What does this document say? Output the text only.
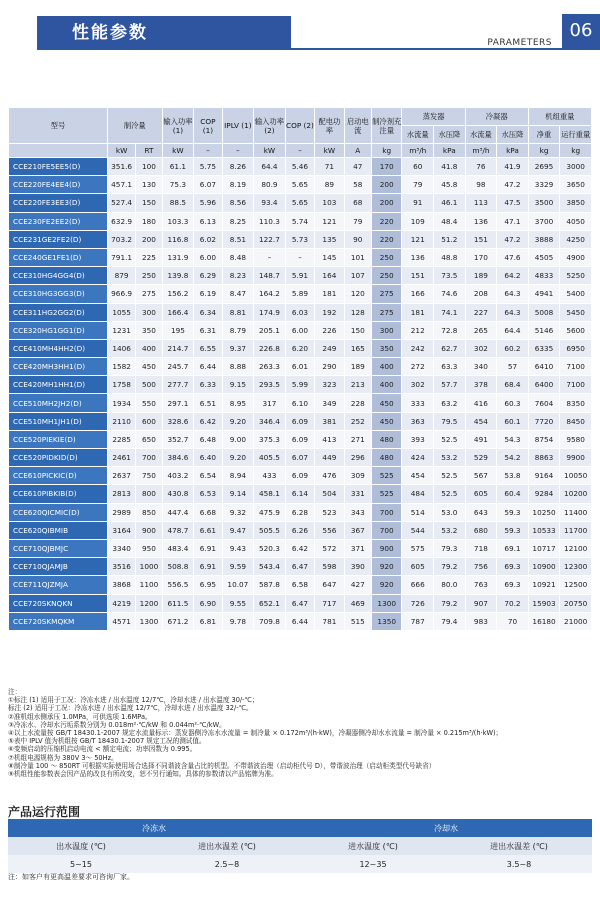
性能参数	PARAMETERS
06
型号	制冷量		输入功率 (1)	COP (1)	IPLV (1)	输入功率 (2)	COP (2)	配电功率	启动电流	制冷剂充注量	蒸发器		冷凝器		机组重量	
											水流量	水压降	水流量	水压降	净重	运行重量
	kW	RT	kW	–	–	kW	–	kW	A	kg	m³/h	kPa	m³/h	kPa	kg	kg
CCE210FE5EE5(D)	351.6	100	61.1	5.75	8.26	64.4	5.46	71	47	170	60	41.8	76	41.9	2695	3000
CCE220FE4EE4(D)	457.1	130	75.3	6.07	8.19	80.9	5.65	89	58	200	79	45.8	98	47.2	3329	3650
CCE220FE3EE3(D)	527.4	150	88.5	5.96	8.56	93.4	5.65	103	68	200	91	46.1	113	47.5	3500	3850
CCE230FE2EE2(D)	632.9	180	103.3	6.13	8.25	110.3	5.74	121	79	220	109	48.4	136	47.1	3700	4050
CCE231GE2FE2(D)	703.2	200	116.8	6.02	8.51	122.7	5.73	135	90	220	121	51.2	151	47.2	3888	4250
CCE240GE1FE1(D)	791.1	225	131.9	6.00	8.48	–	–	145	101	250	136	48.8	170	47.6	4505	4900
CCE310HG4GG4(D)	879	250	139.8	6.29	8.23	148.7	5.91	164	107	250	151	73.5	189	64.2	4833	5250
CCE310HG3GG3(D)	966.9	275	156.2	6.19	8.47	164.2	5.89	181	120	275	166	74.6	208	64.3	4941	5400
CCE311HG2GG2(D)	1055	300	166.4	6.34	8.81	174.9	6.03	192	128	275	181	74.1	227	64.3	5008	5450
CCE320HG1GG1(D)	1231	350	195	6.31	8.79	205.1	6.00	226	150	300	212	72.8	265	64.4	5146	5600
CCE410MH4HH2(D)	1406	400	214.7	6.55	9.37	226.8	6.20	249	165	350	242	62.7	302	60.2	6335	6950
CCE420MH3HH1(D)	1582	450	245.7	6.44	8.88	263.3	6.01	290	189	400	272	63.3	340	57	6410	7100
CCE420MH1HH1(D)	1758	500	277.7	6.33	9.15	293.5	5.99	323	213	400	302	57.7	378	68.4	6400	7100
CCE510MH2JH2(D)	1934	550	297.1	6.51	8.95	317	6.10	349	228	450	333	63.2	416	60.3	7604	8350
CCE510MH1JH1(D)	2110	600	328.6	6.42	9.20	346.4	6.09	381	252	450	363	79.5	454	60.1	7720	8450
CCE520PIEKIE(D)	2285	650	352.7	6.48	9.00	375.3	6.09	413	271	480	393	52.5	491	54.3	8754	9580
CCE520PIDKID(D)	2461	700	384.6	6.40	9.20	405.5	6.07	449	296	480	424	53.2	529	54.2	8863	9900
CCE610PICKIC(D)	2637	750	403.2	6.54	8.94	433	6.09	476	309	525	454	52.5	567	53.8	9164	10050
CCE610PIBKIB(D)	2813	800	430.8	6.53	9.14	458.1	6.14	504	331	525	484	52.5	605	60.4	9284	10200
CCE620QICMIC(D)	2989	850	447.4	6.68	9.32	475.9	6.28	523	343	700	514	53.0	643	59.3	10250	11400
CCE620QIBMIB	3164	900	478.7	6.61	9.47	505.5	6.26	556	367	700	544	53.2	680	59.3	10533	11700
CCE710QJBMJC	3340	950	483.4	6.91	9.43	520.3	6.42	572	371	900	575	79.3	718	69.1	10717	12100
CCE710QJAMJB	3516	1000	508.8	6.91	9.59	543.4	6.47	598	390	920	605	79.2	756	69.3	10900	12300
CCE711QJZMJA	3868	1100	556.5	6.95	10.07	587.8	6.58	647	427	920	666	80.0	763	69.3	10921	12500
CCE720SKNQKN	4219	1200	611.5	6.90	9.55	652.1	6.47	717	469	1300	726	79.2	907	70.2	15903	20750
CCE720SKMQKM	4571	1300	671.2	6.81	9.78	709.8	6.44	781	515	1350	787	79.4	983	70	16180	21000
注：
①标注 (1) 适用于工况：冷冻水进 / 出水温度 12/7℃，冷却水进 / 出水温度 30/-℃；
标注 (2) 适用于工况：冷冻水进 / 出水温度 12/7℃，冷却水进 / 出水温度 32/-℃。
②准机组水侧承压 1.0MPa，可供选项 1.6MPa。
③冷冻水、冷却水污垢系数分别为 0.018m²·℃/kW 和 0.044m²·℃/kW。
④以上水流量按 GB/T 18430.1-2007 规定水流量标示：蒸发器侧冷冻水水流量 = 制冷量 × 0.172m³/(h·kW)，冷凝器侧冷却水水流量 = 制冷量 × 0.215m³/(h·kW)；
⑤表中 IPLV 值为机组按 GB/T 18430.1-2007 规定工况的测试值。
⑥变频启动的压缩机启动电流 < 额定电流；功率因数为 0.995。
⑦机组电源规格为 380V 3～ 50Hz。
⑧制冷量 100 ～ 850RT 可根据实际使用场合选择不同谐波含量占比的机型。不带谐波治理（启动柜代号 D），带谐波治理（启动柜类型代号缺省）
⑨机组性能参数表会因产品的改良有所改变，恕不另行通知。具体的参数请以产品铭牌为准。
产品运行范围
冷冻水		冷却水	
出水温度 (℃)	进出水温差 (℃)	进水温度 (℃)	进出水温差 (℃)
5~15	2.5~8	12~35	3.5~8
注：如客户有更高温差要求可咨询厂家。
